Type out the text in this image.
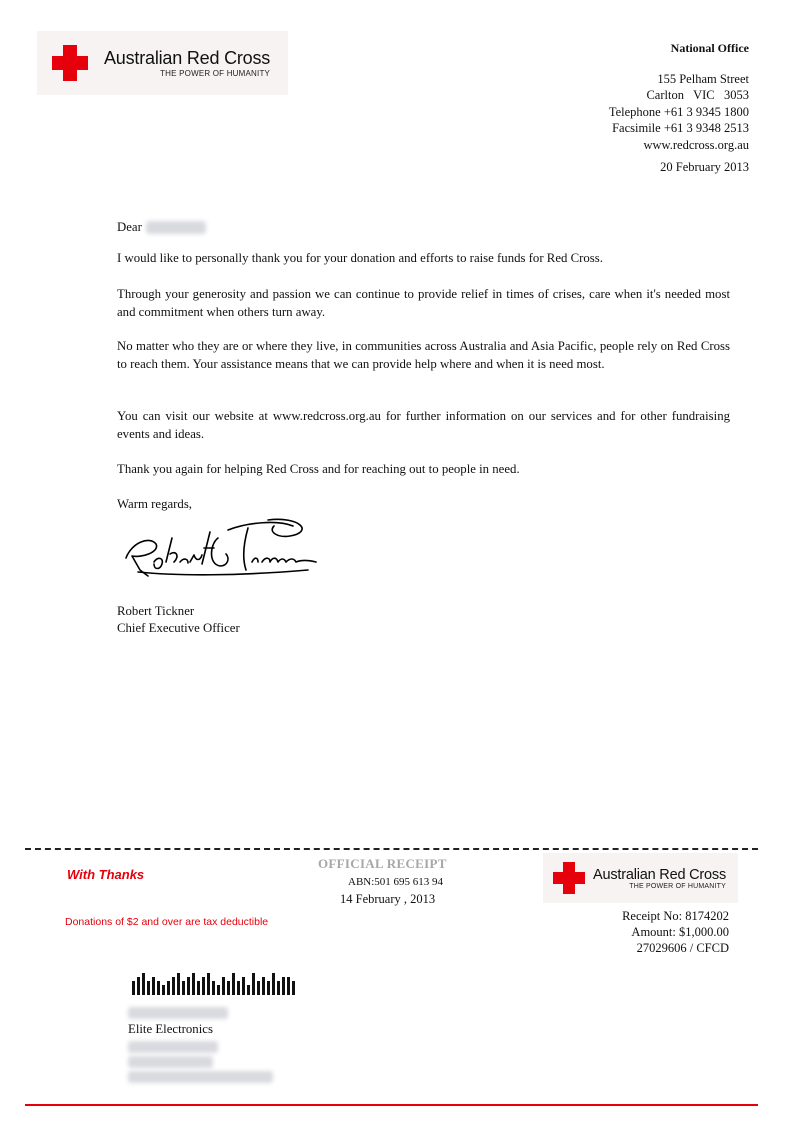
Australian Red Cross
THE POWER OF HUMANITY
National Office
155 Pelham Street
Carlton   VIC   3053
Telephone +61 3 9345 1800
Facsimile +61 3 9348 2513
www.redcross.org.au
20 February 2013
Dear
I would like to personally thank you for your donation and efforts to raise funds for Red Cross.
Through your generosity and passion we can continue to provide relief in times of crises, care when it's needed most and commitment when others turn away.
No matter who they are or where they live, in communities across Australia and Asia Pacific, people rely on Red Cross to reach them. Your assistance means that we can provide help where and when it is need most.
You can visit our website at www.redcross.org.au for further information on our services and for other fundraising events and ideas.
Thank you again for helping Red Cross and for reaching out to people in need.
Warm regards,
Robert Tickner
Chief Executive Officer
With Thanks
Donations of $2 and over are tax deductible
OFFICIAL RECEIPT
ABN:501 695 613 94
14 February , 2013
Australian Red Cross
THE POWER OF HUMANITY
Receipt No: 8174202
Amount: $1,000.00
27029606 / CFCD
Elite Electronics
